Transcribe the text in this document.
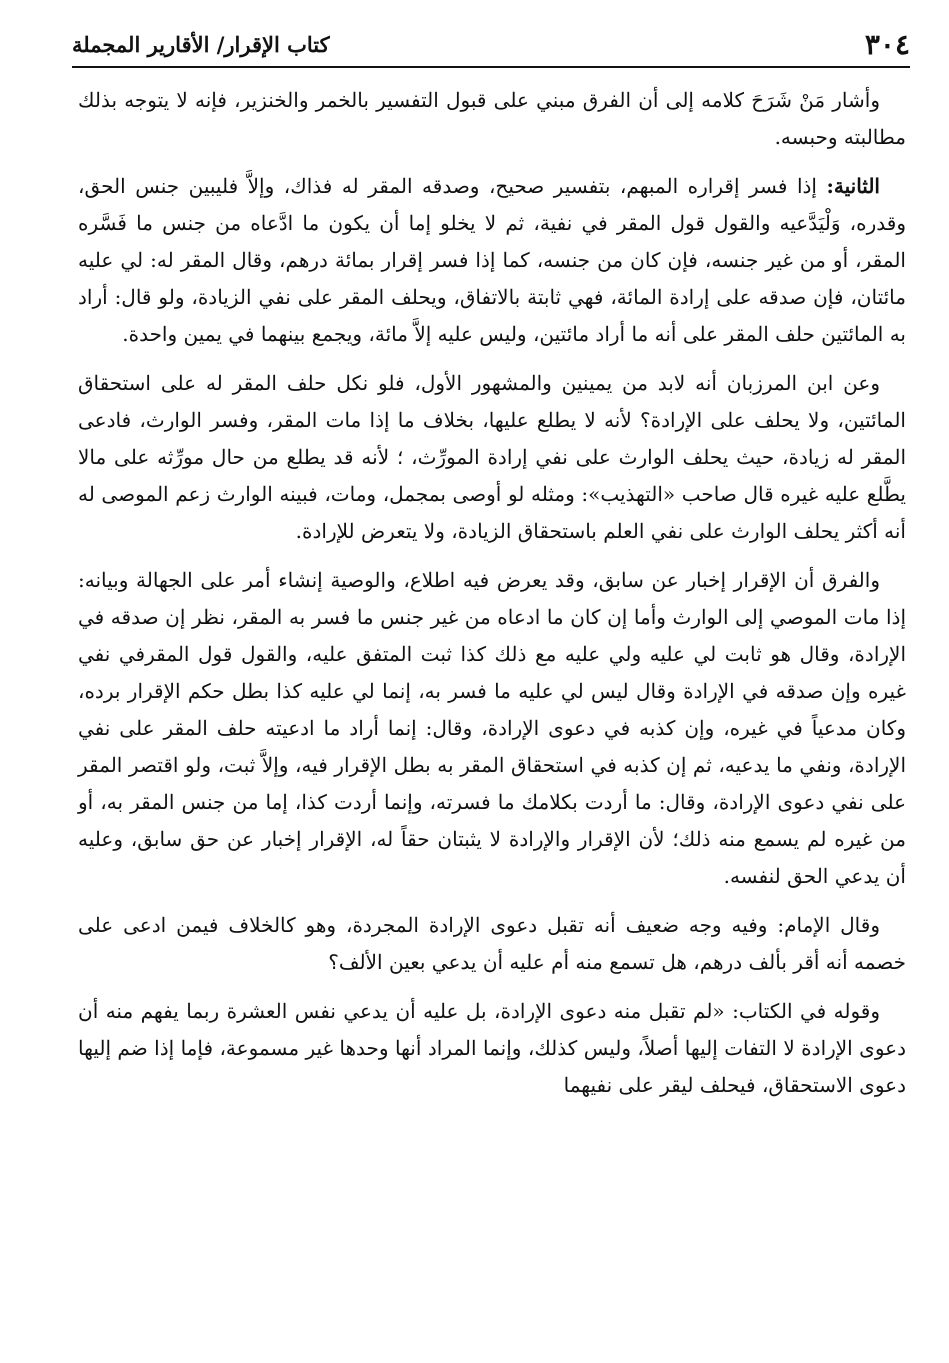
٣٠٤
كتاب الإقرار/ الأقارير المجملة

وأشار مَنْ شَرَحَ كلامه إلى أن الفرق مبني على قبول التفسير بالخمر والخنزير، فإنه لا يتوجه بذلك مطالبته وحبسه.

الثانية: إذا فسر إقراره المبهم، بتفسير صحيح، وصدقه المقر له فذاك، وإلاَّ فليبين جنس الحق، وقدره، وَلْيَدَّعيه والقول قول المقر في نفية، ثم لا يخلو إما أن يكون ما ادَّعاه من جنس ما فَسَّره المقر، أو من غير جنسه، فإن كان من جنسه، كما إذا فسر إقرار بمائة درهم، وقال المقر له: لي عليه مائتان، فإن صدقه على إرادة المائة، فهي ثابتة بالاتفاق، ويحلف المقر على نفي الزيادة، ولو قال: أراد به المائتين حلف المقر على أنه ما أراد مائتين، وليس عليه إلاَّ مائة، ويجمع بينهما في يمين واحدة.

وعن ابن المرزبان أنه لابد من يمينين والمشهور الأول، فلو نكل حلف المقر له على استحقاق المائتين، ولا يحلف على الإرادة؟ لأنه لا يطلع عليها، بخلاف ما إذا مات المقر، وفسر الوارث، فادعى المقر له زيادة، حيث يحلف الوارث على نفي إرادة المورِّث، ؛ لأنه قد يطلع من حال مورِّثه على مالا يطَّلع عليه غيره قال صاحب «التهذيب»: ومثله لو أوصى بمجمل، ومات، فبينه الوارث زعم الموصى له أنه أكثر يحلف الوارث على نفي العلم باستحقاق الزيادة، ولا يتعرض للإرادة.

والفرق أن الإقرار إخبار عن سابق، وقد يعرض فيه اطلاع، والوصية إنشاء أمر على الجهالة وبيانه: إذا مات الموصي إلى الوارث وأما إن كان ما ادعاه من غير جنس ما فسر به المقر، نظر إن صدقه في الإرادة، وقال هو ثابت لي عليه ولي عليه مع ذلك كذا ثبت المتفق عليه، والقول قول المقرفي نفي غيره وإن صدقه في الإرادة وقال ليس لي عليه ما فسر به، إنما لي عليه كذا بطل حكم الإقرار برده، وكان مدعياً في غيره، وإن كذبه في دعوى الإرادة، وقال: إنما أراد ما ادعيته حلف المقر على نفي الإرادة، ونفي ما يدعيه، ثم إن كذبه في استحقاق المقر به بطل الإقرار فيه، وإلاَّ ثبت، ولو اقتصر المقر على نفي دعوى الإرادة، وقال: ما أردت بكلامك ما فسرته، وإنما أردت كذا، إما من جنس المقر به، أو من غيره لم يسمع منه ذلك؛ لأن الإقرار والإرادة لا يثبتان حقاً له، الإقرار إخبار عن حق سابق، وعليه أن يدعي الحق لنفسه.

وقال الإمام: وفيه وجه ضعيف أنه تقبل دعوى الإرادة المجردة، وهو كالخلاف فيمن ادعى على خصمه أنه أقر بألف درهم، هل تسمع منه أم عليه أن يدعي بعين الألف؟

وقوله في الكتاب: «لم تقبل منه دعوى الإرادة، بل عليه أن يدعي نفس العشرة ربما يفهم منه أن دعوى الإرادة لا التفات إليها أصلاً، وليس كذلك، وإنما المراد أنها وحدها غير مسموعة، فإما إذا ضم إليها دعوى الاستحقاق، فيحلف ليقر على نفيهما
